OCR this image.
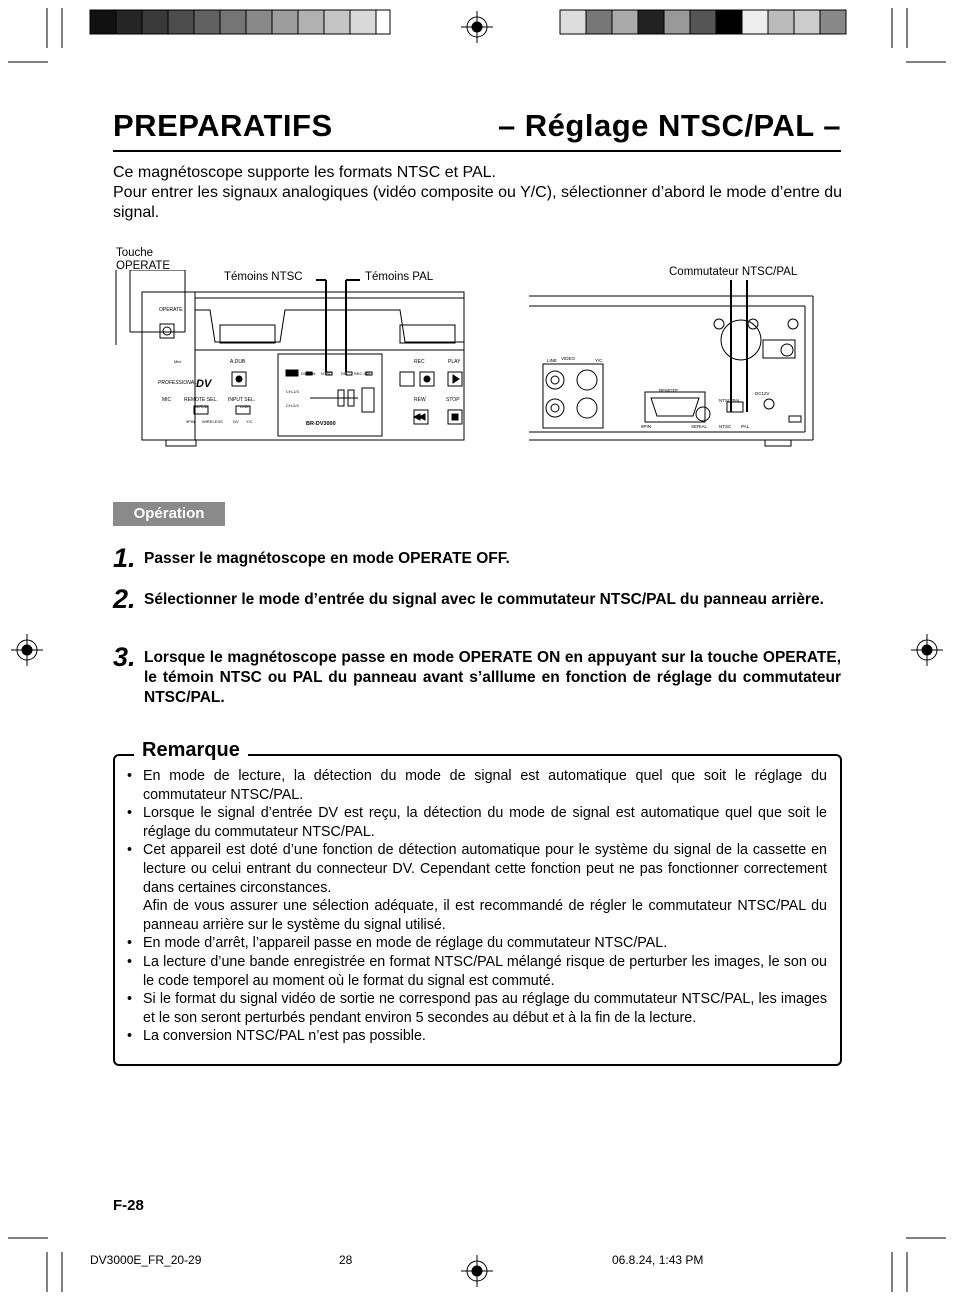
PREPARATIFS	– Réglage NTSC/PAL –

Ce magnétoscope supporte les formats NTSC et PAL.

Pour entrer les signaux analogiques (vidéo composite ou Y/C), sélectionner d’abord le mode d’entre du signal.

Touche
OPERATE
Témoins NTSC	Témoins PAL	Commutateur NTSC/PAL
OPERATE
A.DUB
PROFESSIONAL DV
Mini
MIC	REMOTE SEL.
SERIAL
9PIN WIRELESS
INPUT SEL.
LINE
DV Y/C
DVCAM NTSC PAL REC INH.
CH-1/3
CH-2/4
BR-DV3000
REC	PLAY
REW	STOP
LINE VIDEO	Y/C
REMOTE
9PIN	SERIAL
NTSC/PAL
NTSC PAL
DC12V
Opération
1. Passer le magnétoscope en mode OPERATE OFF.
2. Sélectionner le mode d’entrée du signal avec le commutateur NTSC/PAL du panneau arrière.
3. Lorsque le magnétoscope passe en mode OPERATE ON en appuyant sur la touche OPERATE, le témoin NTSC ou PAL du panneau avant s’alllume en fonction de réglage du commutateur NTSC/PAL.
Remarque
• En mode de lecture, la détection du mode de signal est automatique quel que soit le réglage du commutateur NTSC/PAL.
• Lorsque le signal d’entrée DV est reçu, la détection du mode de signal est automatique quel que soit le réglage du commutateur NTSC/PAL.
• Cet appareil est doté d’une fonction de détection automatique pour le système du signal de la cassette en lecture ou celui entrant du connecteur DV. Cependant cette fonction peut ne pas fonctionner correctement dans certaines circonstances.
Afin de vous assurer une sélection adéquate, il est recommandé de régler le commutateur NTSC/PAL du panneau arrière sur le système du signal utilisé.
• En mode d’arrêt, l’appareil passe en mode de réglage du commutateur NTSC/PAL.
• La lecture d’une bande enregistrée en format NTSC/PAL mélangé risque de perturber les images, le son ou le code temporel au moment où le format du signal est commuté.
• Si le format du signal vidéo de sortie ne correspond pas au réglage du commutateur NTSC/PAL, les images et le son seront perturbés pendant environ 5 secondes au début et à la fin de la lecture.
• La conversion NTSC/PAL n’est pas possible.
F-28
DV3000E_FR_20-29	28	06.8.24, 1:43 PM
